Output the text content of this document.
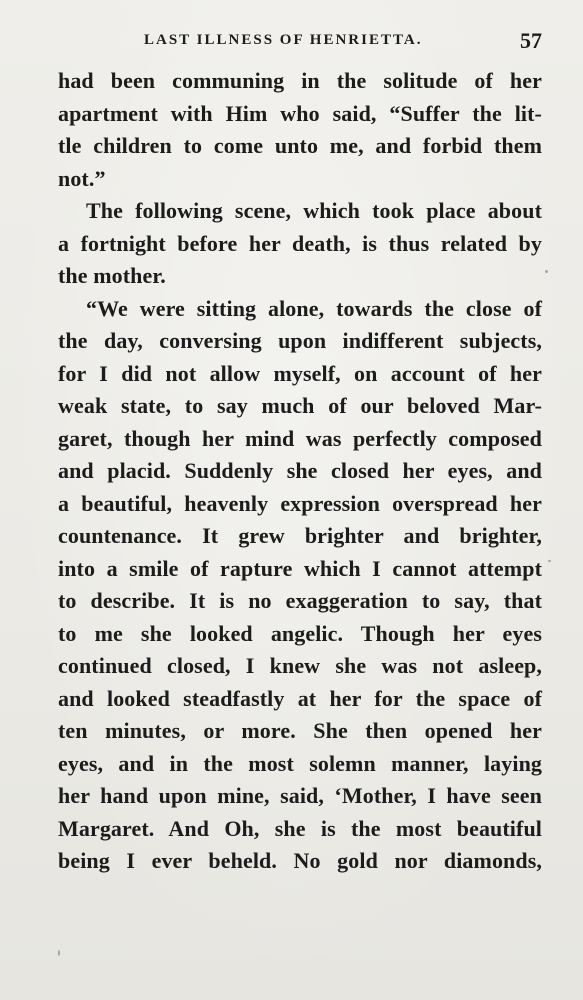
LAST ILLNESS OF HENRIETTA.	57
had been communing in the solitude of her
apartment with Him who said, “Suffer the lit-
tle children to come unto me, and forbid them
not.”
The following scene, which took place about
a fortnight before her death, is thus related by
the mother.
“We were sitting alone, towards the close of
the day, conversing upon indifferent subjects,
for I did not allow myself, on account of her
weak state, to say much of our beloved Mar-
garet, though her mind was perfectly composed
and placid. Suddenly she closed her eyes, and
a beautiful, heavenly expression overspread her
countenance. It grew brighter and brighter,
into a smile of rapture which I cannot attempt
to describe. It is no exaggeration to say, that
to me she looked angelic. Though her eyes
continued closed, I knew she was not asleep,
and looked steadfastly at her for the space of
ten minutes, or more. She then opened her
eyes, and in the most solemn manner, laying
her hand upon mine, said, ‘Mother, I have seen
Margaret. And Oh, she is the most beautiful
being I ever beheld. No gold nor diamonds,
